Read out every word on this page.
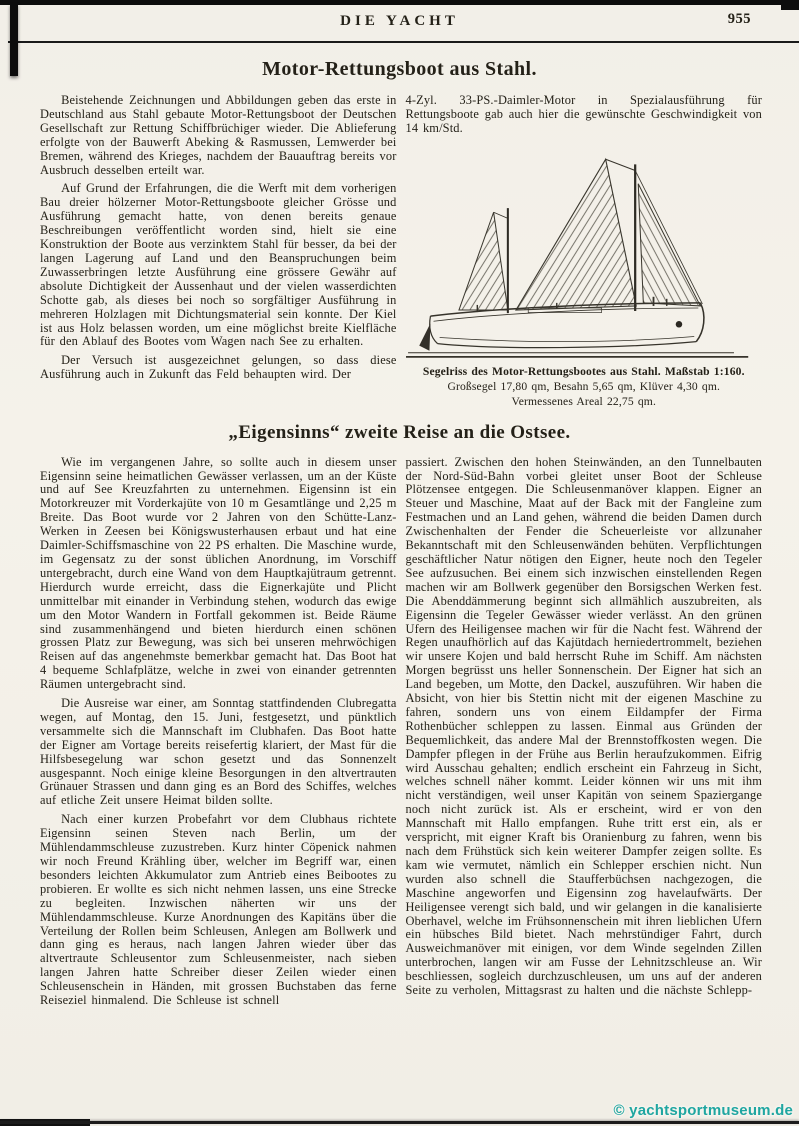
DIE YACHT	955
Motor-Rettungsboot aus Stahl.

Beistehende Zeichnungen und Abbildungen geben das erste in Deutschland aus Stahl gebaute Motor-Rettungsboot der Deutschen Gesellschaft zur Rettung Schiffbrüchiger wieder. Die Ablieferung erfolgte von der Bauwerft Abeking & Rasmussen, Lemwerder bei Bremen, während des Krieges, nachdem der Bauauftrag bereits vor Ausbruch desselben erteilt war.

Auf Grund der Erfahrungen, die die Werft mit dem vorherigen Bau dreier hölzerner Motor-Rettungsboote gleicher Grösse und Ausführung gemacht hatte, von denen bereits genaue Beschreibungen veröffentlicht worden sind, hielt sie eine Konstruktion der Boote aus verzinktem Stahl für besser, da bei der langen Lagerung auf Land und den Beanspruchungen beim Zuwasserbringen letzte Ausführung eine grössere Gewähr auf absolute Dichtigkeit der Aussenhaut und der vielen wasserdichten Schotte gab, als dieses bei noch so sorgfältiger Ausführung in mehreren Holzlagen mit Dichtungsmaterial sein konnte. Der Kiel ist aus Holz belassen worden, um eine möglichst breite Kielfläche für den Ablauf des Bootes vom Wagen nach See zu erhalten.

Der Versuch ist ausgezeichnet gelungen, so dass diese Ausführung auch in Zukunft das Feld behaupten wird. Der

4-Zyl. 33-PS.-Daimler-Motor in Spezialausführung für Rettungsboote gab auch hier die gewünschte Geschwindigkeit von 14 km/Std.

Segelriss des Motor-Rettungsbootes aus Stahl. Maßstab 1:160.
Großsegel 17,80 qm, Besahn 5,65 qm, Klüver 4,30 qm.
Vermessenes Areal 22,75 qm.
„Eigensinns“ zweite Reise an die Ostsee.

Wie im vergangenen Jahre, so sollte auch in diesem unser Eigensinn seine heimatlichen Gewässer verlassen, um an der Küste und auf See Kreuzfahrten zu unternehmen. Eigensinn ist ein Motorkreuzer mit Vorderkajüte von 10 m Gesamtlänge und 2,25 m Breite. Das Boot wurde vor 2 Jahren von den Schütte-Lanz-Werken in Zeesen bei Königswusterhausen erbaut und hat eine Daimler-Schiffsmaschine von 22 PS erhalten. Die Maschine wurde, im Gegensatz zu der sonst üblichen Anordnung, im Vorschiff untergebracht, durch eine Wand von dem Hauptkajütraum getrennt. Hierdurch wurde erreicht, dass die Eignerkajüte und Plicht unmittelbar mit einander in Verbindung stehen, wodurch das ewige um den Motor Wandern in Fortfall gekommen ist. Beide Räume sind zusammenhängend und bieten hierdurch einen schönen grossen Platz zur Bewegung, was sich bei unseren mehrwöchigen Reisen auf das angenehmste bemerkbar gemacht hat. Das Boot hat 4 bequeme Schlafplätze, welche in zwei von einander getrennten Räumen untergebracht sind.

Die Ausreise war einer, am Sonntag stattfindenden Clubregatta wegen, auf Montag, den 15. Juni, festgesetzt, und pünktlich versammelte sich die Mannschaft im Clubhafen. Das Boot hatte der Eigner am Vortage bereits reisefertig klariert, der Mast für die Hilfsbesegelung war schon gesetzt und das Sonnenzelt ausgespannt. Noch einige kleine Besorgungen in den altvertrauten Grünauer Strassen und dann ging es an Bord des Schiffes, welches auf etliche Zeit unsere Heimat bilden sollte.

Nach einer kurzen Probefahrt vor dem Clubhaus richtete Eigensinn seinen Steven nach Berlin, um der Mühlendammschleuse zuzustreben. Kurz hinter Cöpenick nahmen wir noch Freund Krähling über, welcher im Begriff war, einen besonders leichten Akkumulator zum Antrieb eines Beibootes zu probieren. Er wollte es sich nicht nehmen lassen, uns eine Strecke zu begleiten. Inzwischen näherten wir uns der Mühlendammschleuse. Kurze Anordnungen des Kapitäns über die Verteilung der Rollen beim Schleusen, Anlegen am Bollwerk und dann ging es heraus, nach langen Jahren wieder über das altvertraute Schleusentor zum Schleusenmeister, nach sieben langen Jahren hatte Schreiber dieser Zeilen wieder einen Schleusenschein in Händen, mit grossen Buchstaben das ferne Reiseziel hinmalend. Die Schleuse ist schnell

passiert. Zwischen den hohen Steinwänden, an den Tunnelbauten der Nord-Süd-Bahn vorbei gleitet unser Boot der Schleuse Plötzensee entgegen. Die Schleusenmanöver klappen. Eigner an Steuer und Maschine, Maat auf der Back mit der Fangleine zum Festmachen und an Land gehen, während die beiden Damen durch Zwischenhalten der Fender die Scheuerleiste vor allzunaher Bekanntschaft mit den Schleusenwänden behüten. Verpflichtungen geschäftlicher Natur nötigen den Eigner, heute noch den Tegeler See aufzusuchen. Bei einem sich inzwischen einstellenden Regen machen wir am Bollwerk gegenüber den Borsigschen Werken fest. Die Abenddämmerung beginnt sich allmählich auszubreiten, als Eigensinn die Tegeler Gewässer wieder verlässt. An den grünen Ufern des Heiligensee machen wir für die Nacht fest. Während der Regen unaufhörlich auf das Kajütdach herniedertrommelt, beziehen wir unsere Kojen und bald herrscht Ruhe im Schiff. Am nächsten Morgen begrüsst uns heller Sonnenschein. Der Eigner hat sich an Land begeben, um Motte, den Dackel, auszuführen. Wir haben die Absicht, von hier bis Stettin nicht mit der eigenen Maschine zu fahren, sondern uns von einem Eildampfer der Firma Rothenbücher schleppen zu lassen. Einmal aus Gründen der Bequemlichkeit, das andere Mal der Brennstoffkosten wegen. Die Dampfer pflegen in der Frühe aus Berlin heraufzukommen. Eifrig wird Ausschau gehalten; endlich erscheint ein Fahrzeug in Sicht, welches schnell näher kommt. Leider können wir uns mit ihm nicht verständigen, weil unser Kapitän von seinem Spaziergange noch nicht zurück ist. Als er erscheint, wird er von den Mannschaft mit Hallo empfangen. Ruhe tritt erst ein, als er verspricht, mit eigner Kraft bis Oranienburg zu fahren, wenn bis nach dem Frühstück sich kein weiterer Dampfer zeigen sollte. Es kam wie vermutet, nämlich ein Schlepper erschien nicht. Nun wurden also schnell die Staufferbüchsen nachgezogen, die Maschine angeworfen und Eigensinn zog havelaufwärts. Der Heiligensee verengt sich bald, und wir gelangen in die kanalisierte Oberhavel, welche im Frühsonnenschein mit ihren lieblichen Ufern ein hübsches Bild bietet. Nach mehrstündiger Fahrt, durch Ausweichmanöver mit einigen, vor dem Winde segelnden Zillen unterbrochen, langen wir am Fusse der Lehnitzschleuse an. Wir beschliessen, sogleich durchzuschleusen, um uns auf der anderen Seite zu verholen, Mittagsrast zu halten und die nächste Schlepp-

© yachtsportmuseum.de
